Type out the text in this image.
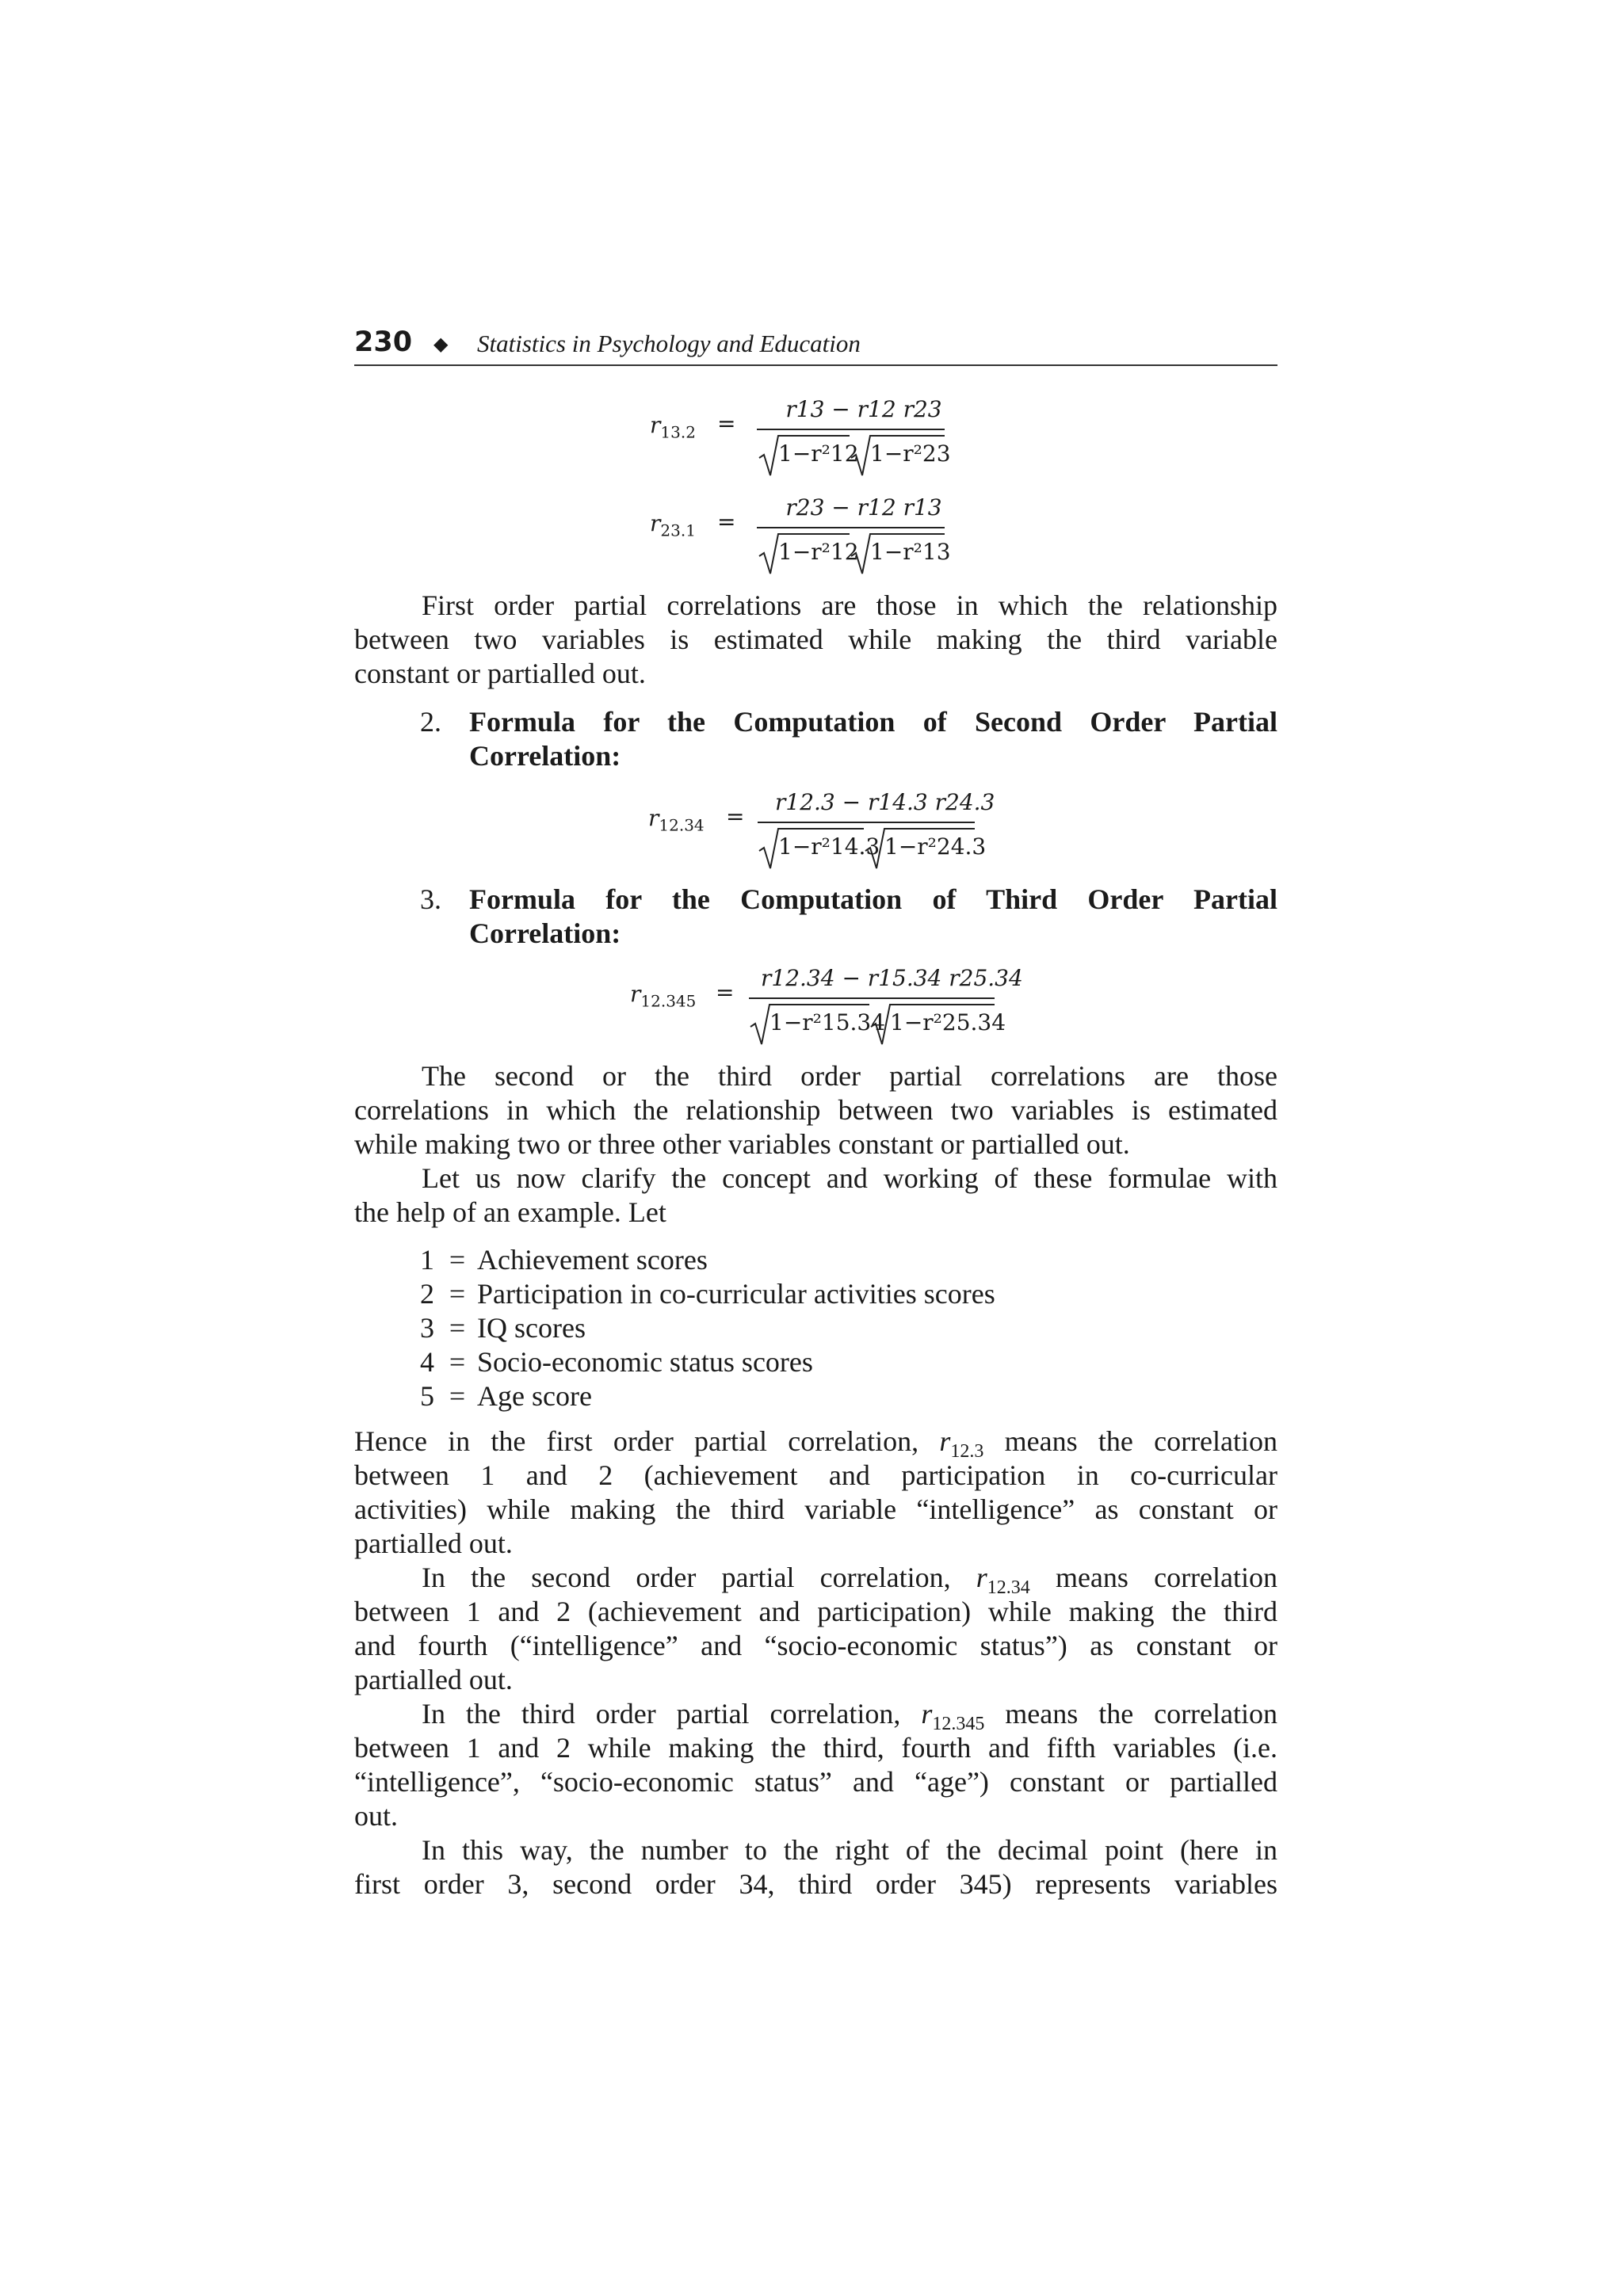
230 ◆ Statistics in Psychology and Education
$r_{13.2}$ =
r13 − r12 r23
1−r²12 1−r²23
$r_{23.1}$ =
r23 − r12 r13
1−r²12 1−r²13
First order partial correlations are those in which the relationship
between two variables is estimated while making the third variable
constant or partialled out.
2. Formula for the Computation of Second Order Partial
Correlation:
$r_{12.34}$ =
r12.3 − r14.3 r24.3
1−r²14.3 1−r²24.3
3. Formula for the Computation of Third Order Partial
Correlation:
$r_{12.345}$ =
r12.34 − r15.34 r25.34
1−r²15.34 1−r²25.34
The second or the third order partial correlations are those
correlations in which the relationship between two variables is estimated
while making two or three other variables constant or partialled out.
Let us now clarify the concept and working of these formulae with
the help of an example. Let
1 = Achievement scores
2 = Participation in co-curricular activities scores
3 = IQ scores
4 = Socio-economic status scores
5 = Age score
Hence in the first order partial correlation, $r_{12.3}$ means the correlation
between 1 and 2 (achievement and participation in co-curricular
activities) while making the third variable “intelligence” as constant or
partialled out.
In the second order partial correlation, $r_{12.34}$ means correlation
between 1 and 2 (achievement and participation) while making the third
and fourth (“intelligence” and “socio-economic status”) as constant or
partialled out.
In the third order partial correlation, $r_{12.345}$ means the correlation
between 1 and 2 while making the third, fourth and fifth variables (i.e.
“intelligence”, “socio-economic status” and “age”) constant or partialled
out.
In this way, the number to the right of the decimal point (here in
first order 3, second order 34, third order 345) represents variables
